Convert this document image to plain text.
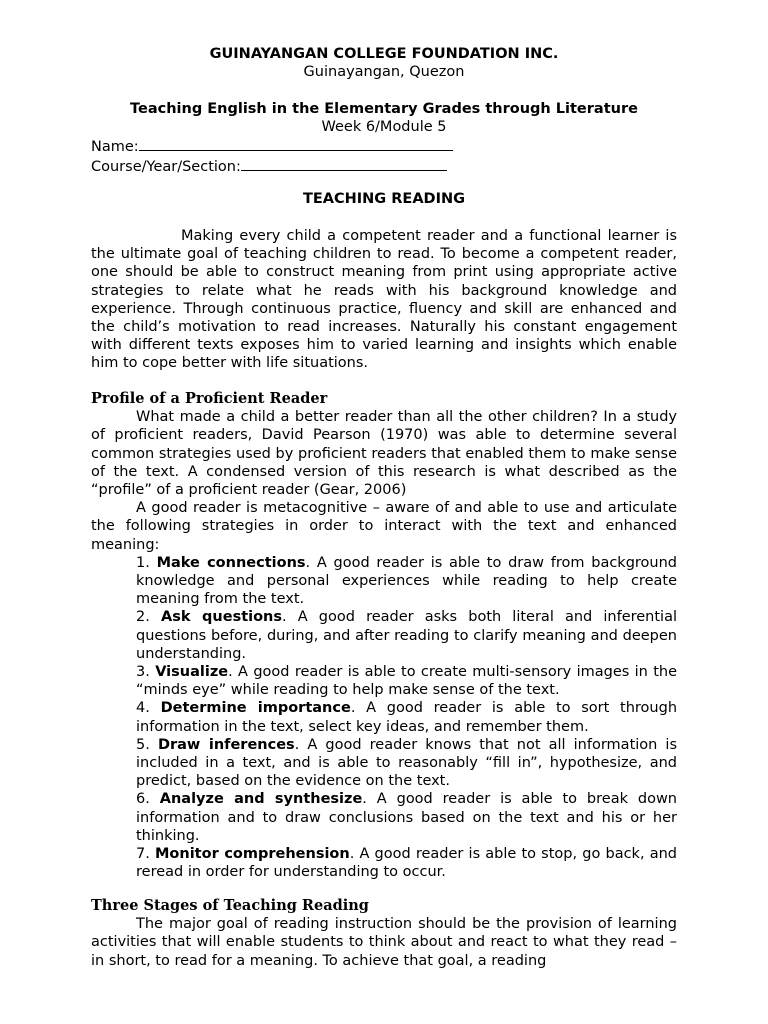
GUINAYANGAN COLLEGE FOUNDATION INC.
Guinayangan, Quezon
Teaching English in the Elementary Grades through Literature
Week 6/Module 5
Name:
Course/Year/Section:
TEACHING READING

Making every child a competent reader and a functional learner is the ultimate goal of teaching children to read. To become a competent reader, one should be able to construct meaning from print using appropriate active strategies to relate what he reads with his background knowledge and experience. Through continuous practice, fluency and skill are enhanced and the child’s motivation to read increases. Naturally his constant engagement with different texts exposes him to varied learning and insights which enable him to cope better with life situations.

Profile of a Proficient Reader

What made a child a better reader than all the other children? In a study of proficient readers, David Pearson (1970) was able to determine several common strategies used by proficient readers that enabled them to make sense of the text. A condensed version of this research is what described as the “profile” of a proficient reader (Gear, 2006)

A good reader is metacognitive – aware of and able to use and articulate the following strategies in order to interact with the text and enhanced meaning:

1. Make connections. A good reader is able to draw from background knowledge and personal experiences while reading to help create meaning from the text.

2. Ask questions. A good reader asks both literal and inferential questions before, during, and after reading to clarify meaning and deepen understanding.

3. Visualize. A good reader is able to create multi-sensory images in the “minds eye” while reading to help make sense of the text.

4. Determine importance. A good reader is able to sort through information in the text, select key ideas, and remember them.

5. Draw inferences. A good reader knows that not all information is included in a text, and is able to reasonably “fill in”, hypothesize, and predict, based on the evidence on the text.

6. Analyze and synthesize. A good reader is able to break down information and to draw conclusions based on the text and his or her thinking.

7. Monitor comprehension. A good reader is able to stop, go back, and reread in order for understanding to occur.

Three Stages of Teaching Reading

The major goal of reading instruction should be the provision of learning activities that will enable students to think about and react to what they read – in short, to read for a meaning. To achieve that goal, a reading
